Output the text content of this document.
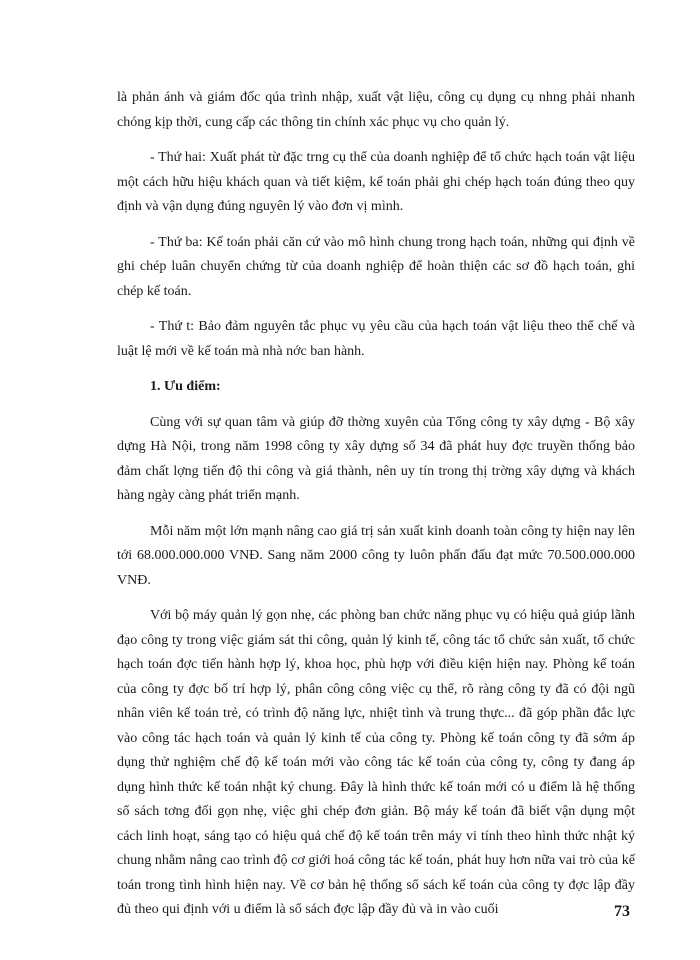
là phản ánh và giám đốc qúa trình nhập, xuất vật liệu, công cụ dụng cụ nhng phải nhanh chóng kịp thời, cung cấp các thông tin chính xác phục vụ cho quản lý.

- Thứ hai: Xuất phát từ đặc trng cụ thể của doanh nghiệp để tổ chức hạch toán vật liệu một cách hữu hiệu khách quan và tiết kiệm, kế toán phải ghi chép hạch toán đúng theo quy định và vận dụng đúng nguyên lý vào đơn vị mình.

- Thứ ba: Kế toán phải căn cứ vào mô hình chung trong hạch toán, những qui định về ghi chép luân chuyển chứng từ của doanh nghiệp để hoàn thiện các sơ đồ hạch toán, ghi chép kế toán.

- Thứ t: Bảo đảm nguyên tắc phục vụ yêu cầu của hạch toán vật liệu theo thể chế và luật lệ mới về kế toán mà nhà nớc ban hành.

1. Ưu điểm:

Cùng với sự quan tâm và giúp đỡ thờng xuyên của Tổng công ty xây dựng - Bộ xây dựng Hà Nội, trong năm 1998 công ty xây dựng số 34 đã phát huy đợc truyền thống bảo đảm chất lợng tiến độ thi công và giá thành, nên uy tín trong thị trờng xây dựng và khách hàng ngày càng phát triển mạnh.

Mỗi năm một lớn mạnh nâng cao giá trị sản xuất kinh doanh toàn công ty hiện nay lên tới 68.000.000.000 VNĐ. Sang năm 2000 công ty luôn phấn đấu đạt mức 70.500.000.000 VNĐ.

Với bộ máy quản lý gọn nhẹ, các phòng ban chức năng phục vụ có hiệu quả giúp lãnh đạo công ty trong việc giám sát thi công, quản lý kinh tế, công tác tổ chức sản xuất, tổ chức hạch toán đợc tiến hành hợp lý, khoa học, phù hợp với điều kiện hiện nay. Phòng kế toán của công ty đợc bố trí hợp lý, phân công công việc cụ thể, rõ ràng công ty đã có đội ngũ nhân viên kế toán trẻ, có trình độ năng lực, nhiệt tình và trung thực... đã góp phần đắc lực vào công tác hạch toán và quản lý kinh tế của công ty. Phòng kế toán công ty đã sớm áp dụng thử nghiệm chế độ kế toán mới vào công tác kế toán của công ty, công ty đang áp dụng hình thức kế toán nhật ký chung. Đây là hình thức kế toán mới có u điểm là hệ thống sổ sách tơng đối gọn nhẹ, việc ghi chép đơn giản. Bộ máy kế toán đã biết vận dụng một cách linh hoạt, sáng tạo có hiệu quả chế độ kế toán trên máy vi tính theo hình thức nhật ký chung nhằm nâng cao trình độ cơ giới hoá công tác kế toán, phát huy hơn nữa vai trò của kế toán trong tình hình hiện nay. Về cơ bản hệ thống sổ sách kế toán của công ty đợc lập đầy đủ theo qui định với u điểm là sổ sách đợc lập đầy đủ và in vào cuối	73
